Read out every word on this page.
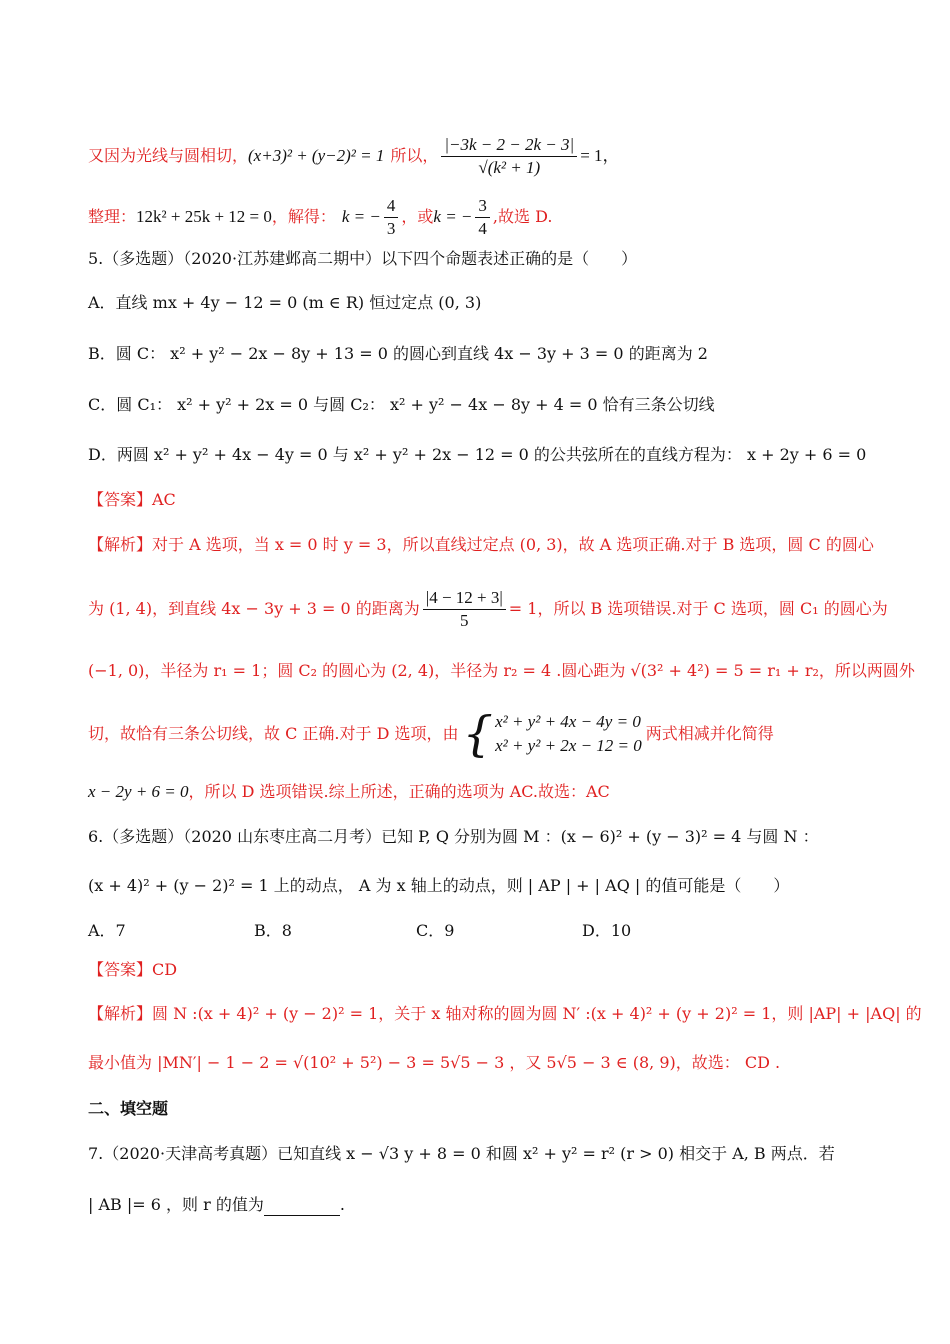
又因为光线与圆相切， (x+3)² + (y−2)² = 1 所以， $\frac{|-3k - 2 - 2k - 3|}{\text{√(k² + 1)}} = 1$，
整理： 12k² + 25k + 12 = 0 ，解得： k = − $\frac{4}{3}$ ，或 k = − $\frac{3}{4}$ ,故选 D.
5.（多选题）（2020·江苏建邺高二期中）以下四个命题表述正确的是（　　）
A．直线 mx + 4y − 12 = 0 (m ∈ R) 恒过定点 (0, 3)
B．圆 C： x² + y² − 2x − 8y + 13 = 0 的圆心到直线 4x − 3y + 3 = 0 的距离为 2
C．圆 C₁： x² + y² + 2x = 0 与圆 C₂： x² + y² − 4x − 8y + 4 = 0 恰有三条公切线
D．两圆 x² + y² + 4x − 4y = 0 与 x² + y² + 2x − 12 = 0 的公共弦所在的直线方程为： x + 2y + 6 = 0
【答案】AC
【解析】对于 A 选项，当 x = 0 时 y = 3，所以直线过定点 (0, 3)，故 A 选项正确.对于 B 选项，圆 C 的圆心
为 (1, 4)，到直线 4x − 3y + 3 = 0 的距离为 $\frac{|4 - 12 + 3|}{5} = 1$，所以 B 选项错误.对于 C 选项，圆 C₁ 的圆心为
(−1, 0)，半径为 r₁ = 1；圆 C₂ 的圆心为 (2, 4)，半径为 r₂ = 4 .圆心距为 √(3² + 4²) = 5 = r₁ + r₂，所以两圆外
切，故恰有三条公切线，故 C 正确.对于 D 选项，由 { x² + y² + 4x − 4y = 0
x² + y² + 2x − 12 = 0
两式相减并化简得
x − 2y + 6 = 0，所以 D 选项错误.综上所述，正确的选项为 AC.故选：AC
6.（多选题）（2020 山东枣庄高二月考）已知 P, Q 分别为圆 M ：(x − 6)² + (y − 3)² = 4 与圆 N ：
(x + 4)² + (y − 2)² = 1 上的动点， A 为 x 轴上的动点，则 | AP | + | AQ | 的值可能是（　　）
A．7	B．8	C．9	D．10
【答案】CD
【解析】圆 N :(x + 4)² + (y − 2)² = 1，关于 x 轴对称的圆为圆 N′ :(x + 4)² + (y + 2)² = 1，则 |AP| + |AQ| 的
最小值为 |MN′| − 1 − 2 = √(10² + 5²) − 3 = 5√5 − 3 ，又 5√5 − 3 ∈ (8, 9)，故选： CD .
二、填空题
7.（2020·天津高考真题）已知直线 x − √3 y + 8 = 0 和圆 x² + y² = r² (r > 0) 相交于 A, B 两点．若
| AB |= 6 ，则 r 的值为	.
